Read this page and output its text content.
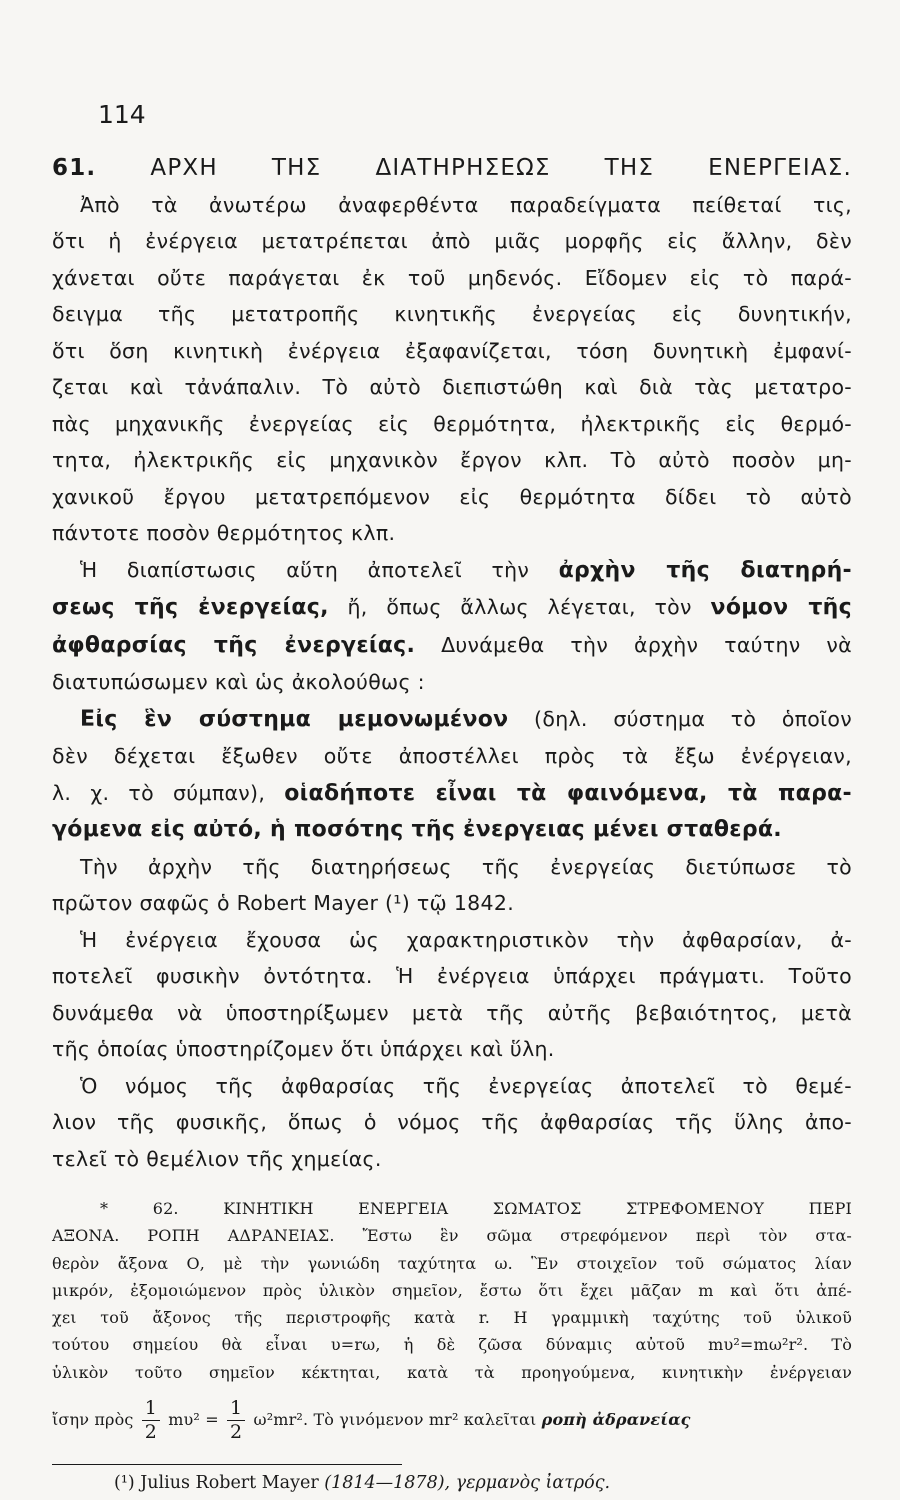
114
61. ΑΡΧΗ ΤΗΣ ΔΙΑΤΗΡΗΣΕΩΣ ΤΗΣ ΕΝΕΡΓΕΙΑΣ.
Ἀπὸ τὰ ἀνωτέρω ἀναφερθέντα παραδείγματα πείθεταί τις,
ὅτι ἡ ἐνέργεια μετατρέπεται ἀπὸ μιᾶς μορφῆς εἰς ἄλλην, δὲν
χάνεται οὔτε παράγεται ἐκ τοῦ μηδενός. Εἴδομεν εἰς τὸ παρά-
δειγμα τῆς μετατροπῆς κινητικῆς ἐνεργείας εἰς δυνητικήν,
ὅτι ὅση κινητικὴ ἐνέργεια ἐξαφανίζεται, τόση δυνητικὴ ἐμφανί-
ζεται καὶ τἀνάπαλιν. Τὸ αὐτὸ διεπιστώθη καὶ διὰ τὰς μετατρο-
πὰς μηχανικῆς ἐνεργείας εἰς θερμότητα, ἠλεκτρικῆς εἰς θερμό-
τητα, ἠλεκτρικῆς εἰς μηχανικὸν ἔργον κλπ. Τὸ αὐτὸ ποσὸν μη-
χανικοῦ ἔργου μετατρεπόμενον εἰς θερμότητα δίδει τὸ αὐτὸ
πάντοτε ποσὸν θερμότητος κλπ.
Ἡ διαπίστωσις αὕτη ἀποτελεῖ τὴν ἀρχὴν τῆς διατηρή-
σεως τῆς ἐνεργείας, ἤ, ὅπως ἄλλως λέγεται, τὸν νόμον τῆς
ἀφθαρσίας τῆς ἐνεργείας. Δυνάμεθα τὴν ἀρχὴν ταύτην νὰ
διατυπώσωμεν καὶ ὡς ἀκολούθως :
Εἰς ἓν σύστημα μεμονωμένον (δηλ. σύστημα τὸ ὁποῖον
δὲν δέχεται ἔξωθεν οὔτε ἀποστέλλει πρὸς τὰ ἔξω ἐνέργειαν,
λ. χ. τὸ σύμπαν), οἱαδήποτε εἶναι τὰ φαινόμενα, τὰ παρα-
γόμενα εἰς αὐτό, ἡ ποσότης τῆς ἐνεργειας μένει σταθερά.
Τὴν ἀρχὴν τῆς διατηρήσεως τῆς ἐνεργείας διετύπωσε τὸ
πρῶτον σαφῶς ὁ Robert Mayer (¹) τῷ 1842.
Ἡ ἐνέργεια ἔχουσα ὡς χαρακτηριστικὸν τὴν ἀφθαρσίαν, ἀ-
ποτελεῖ φυσικὴν ὀντότητα. Ἡ ἐνέργεια ὑπάρχει πράγματι. Τοῦτο
δυνάμεθα νὰ ὑποστηρίξωμεν μετὰ τῆς αὐτῆς βεβαιότητος, μετὰ
τῆς ὁποίας ὑποστηρίζομεν ὅτι ὑπάρχει καὶ ὕλη.
Ὁ νόμος τῆς ἀφθαρσίας τῆς ἐνεργείας ἀποτελεῖ τὸ θεμέ-
λιον τῆς φυσικῆς, ὅπως ὁ νόμος τῆς ἀφθαρσίας τῆς ὕλης ἀπο-
τελεῖ τὸ θεμέλιον τῆς χημείας.
* 62. ΚΙΝΗΤΙΚΗ ΕΝΕΡΓΕΙΑ ΣΩΜΑΤΟΣ ΣΤΡΕΦΟΜΕΝΟΥ ΠΕΡΙ
ΑΞΟΝΑ. ΡΟΠΗ ΑΔΡΑΝΕΙΑΣ. Ἔστω ἓν σῶμα στρεφόμενον περὶ τὸν στα-
θερὸν ἄξονα Ο, μὲ τὴν γωνιώδη ταχύτητα ω. Ἓν στοιχεῖον τοῦ σώματος λίαν
μικρόν, ἐξομοιώμενον πρὸς ὑλικὸν σημεῖον, ἔστω ὅτι ἔχει μᾶζαν m καὶ ὅτι ἀπέ-
χει τοῦ ἄξονος τῆς περιστροφῆς κατὰ r. Η γραμμικὴ ταχύτης τοῦ ὑλικοῦ
τούτου σημείου θὰ εἶναι υ=rω, ἡ δὲ ζῶσα δύναμις αὐτοῦ mυ²=mω²r². Τὸ
ὑλικὸν τοῦτο σημεῖον κέκτηται, κατὰ τὰ προηγούμενα, κινητικὴν ἐνέργειαν
ἴσην πρὸς $\frac{1}{2} m\upsilon^2 = \frac{1}{2} \omega^2mr^2$. Τὸ γινόμενον mr² καλεῖται ροπὴ ἀδρανείας
(¹) Julius Robert Mayer (1814—1878), γερμανὸς ἰατρός.
